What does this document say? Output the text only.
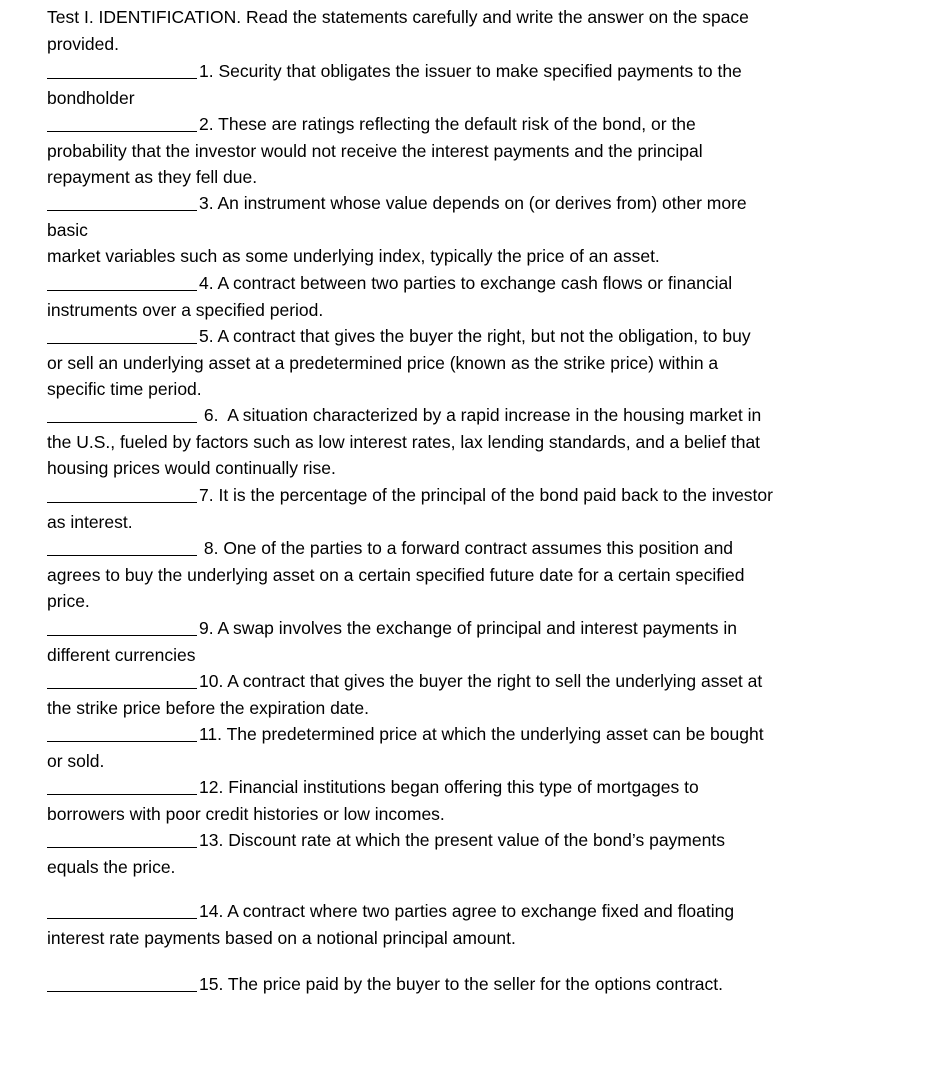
Test I. IDENTIFICATION. Read the statements carefully and write the answer on the space
provided.
1. Security that obligates the issuer to make specified payments to the
bondholder
2. These are ratings reflecting the default risk of the bond, or the
probability that the investor would not receive the interest payments and the principal
repayment as they fell due.
3. An instrument whose value depends on (or derives from) other more
basic
market variables such as some underlying index, typically the price of an asset.
4. A contract between two parties to exchange cash flows or financial
instruments over a specified period.
5. A contract that gives the buyer the right, but not the obligation, to buy
or sell an underlying asset at a predetermined price (known as the strike price) within a
specific time period.
6.  A situation characterized by a rapid increase in the housing market in
the U.S., fueled by factors such as low interest rates, lax lending standards, and a belief that
housing prices would continually rise.
7. It is the percentage of the principal of the bond paid back to the investor
as interest.
8. One of the parties to a forward contract assumes this position and
agrees to buy the underlying asset on a certain specified future date for a certain specified
price.
9. A swap involves the exchange of principal and interest payments in
different currencies
10. A contract that gives the buyer the right to sell the underlying asset at
the strike price before the expiration date.
11. The predetermined price at which the underlying asset can be bought
or sold.
12. Financial institutions began offering this type of mortgages to
borrowers with poor credit histories or low incomes.
13. Discount rate at which the present value of the bond’s payments
equals the price.
14. A contract where two parties agree to exchange fixed and floating
interest rate payments based on a notional principal amount.
15. The price paid by the buyer to the seller for the options contract.
